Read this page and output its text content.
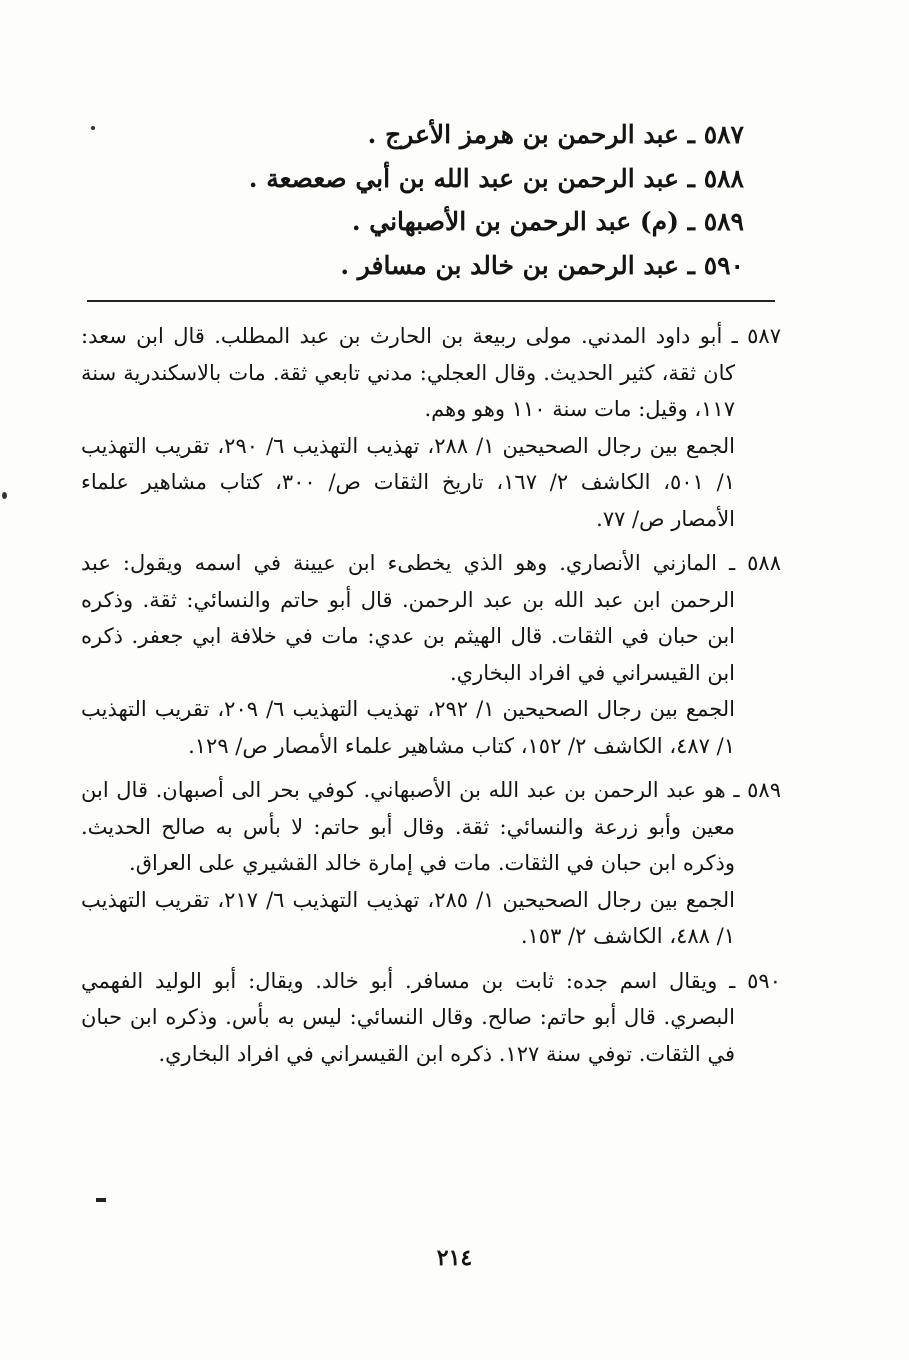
٥٨٧ ـ عبد الرحمن بن هرمز الأعرج .
٥٨٨ ـ عبد الرحمن بن عبد الله بن أبي صعصعة .
٥٨٩ ـ (م) عبد الرحمن بن الأصبهاني .
٥٩٠ ـ عبد الرحمن بن خالد بن مسافر .
٥٨٧ ـ أبو داود المدني. مولى ربيعة بن الحارث بن عبد المطلب. قال ابن سعد: كان ثقة، كثير الحديث. وقال العجلي: مدني تابعي ثقة. مات بالاسكندرية سنة ١١٧، وقيل: مات سنة ١١٠ وهو وهم.
الجمع بين رجال الصحيحين ١/ ٢٨٨، تهذيب التهذيب ٦/ ٢٩٠، تقريب التهذيب ١/ ٥٠١، الكاشف ٢/ ١٦٧، تاريخ الثقات ص/ ٣٠٠، كتاب مشاهير علماء الأمصار ص/ ٧٧.
٥٨٨ ـ المازني الأنصاري. وهو الذي يخطىء ابن عيينة في اسمه ويقول: عبد الرحمن ابن عبد الله بن عبد الرحمن. قال أبو حاتم والنسائي: ثقة. وذكره ابن حبان في الثقات. قال الهيثم بن عدي: مات في خلافة ابي جعفر. ذكره ابن القيسراني في افراد البخاري.
الجمع بين رجال الصحيحين ١/ ٢٩٢، تهذيب التهذيب ٦/ ٢٠٩، تقريب التهذيب ١/ ٤٨٧، الكاشف ٢/ ١٥٢، كتاب مشاهير علماء الأمصار ص/ ١٢٩.
٥٨٩ ـ هو عبد الرحمن بن عبد الله بن الأصبهاني. كوفي بحر الى أصبهان. قال ابن معين وأبو زرعة والنسائي: ثقة. وقال أبو حاتم: لا بأس به صالح الحديث. وذكره ابن حبان في الثقات. مات في إمارة خالد القشيري على العراق.
الجمع بين رجال الصحيحين ١/ ٢٨٥، تهذيب التهذيب ٦/ ٢١٧، تقريب التهذيب ١/ ٤٨٨، الكاشف ٢/ ١٥٣.
٥٩٠ ـ ويقال اسم جده: ثابت بن مسافر. أبو خالد. ويقال: أبو الوليد الفهمي البصري. قال أبو حاتم: صالح. وقال النسائي: ليس به بأس. وذكره ابن حبان في الثقات. توفي سنة ١٢٧. ذكره ابن القيسراني في افراد البخاري.
٢١٤
